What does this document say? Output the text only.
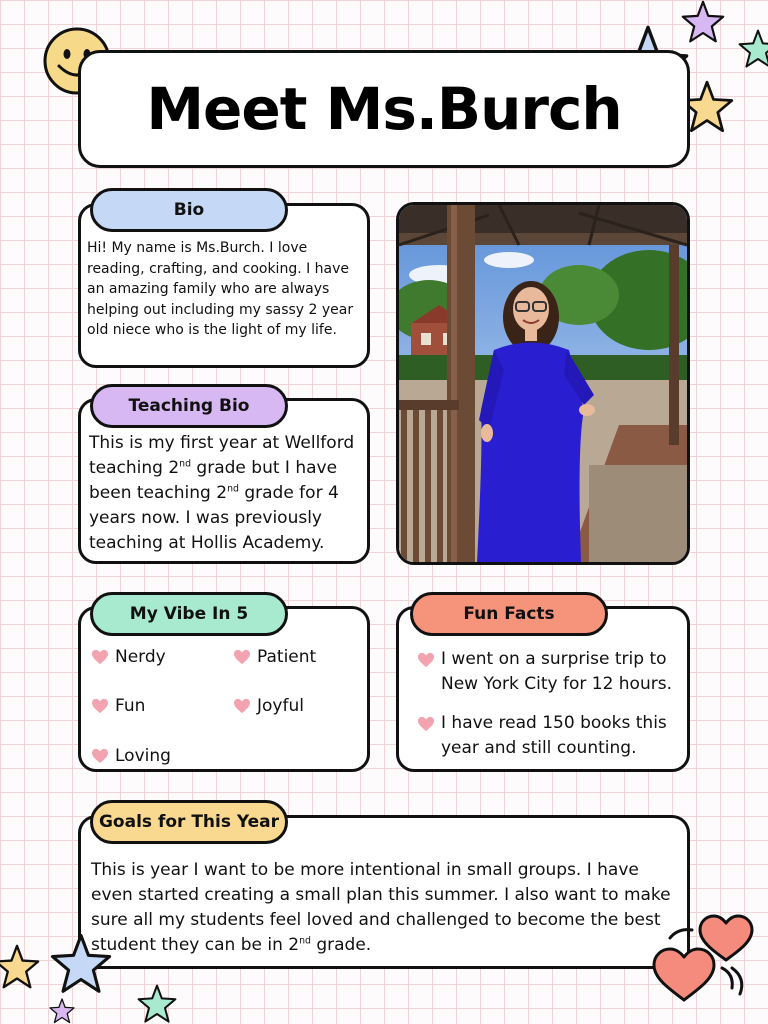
Meet Ms.Burch
Hi! My name is Ms.Burch. I love reading, crafting, and cooking. I have an amazing family who are always helping out including my sassy 2 year old niece who is the light of my life.
Bio
This is my first year at Wellford teaching 2nd grade but I have been teaching 2nd grade for 4 years now. I was previously teaching at Hollis Academy.
Teaching Bio
Nerdy	Patient
Fun	Joyful
Loving
My Vibe In 5
I went on a surprise trip to New York City for 12 hours.
I have read 150 books this year and still counting.
Fun Facts
This is year I want to be more intentional in small groups. I have even started creating a small plan this summer. I also want to make sure all my students feel loved and challenged to become the best student they can be in 2nd grade.
Goals for This Year
